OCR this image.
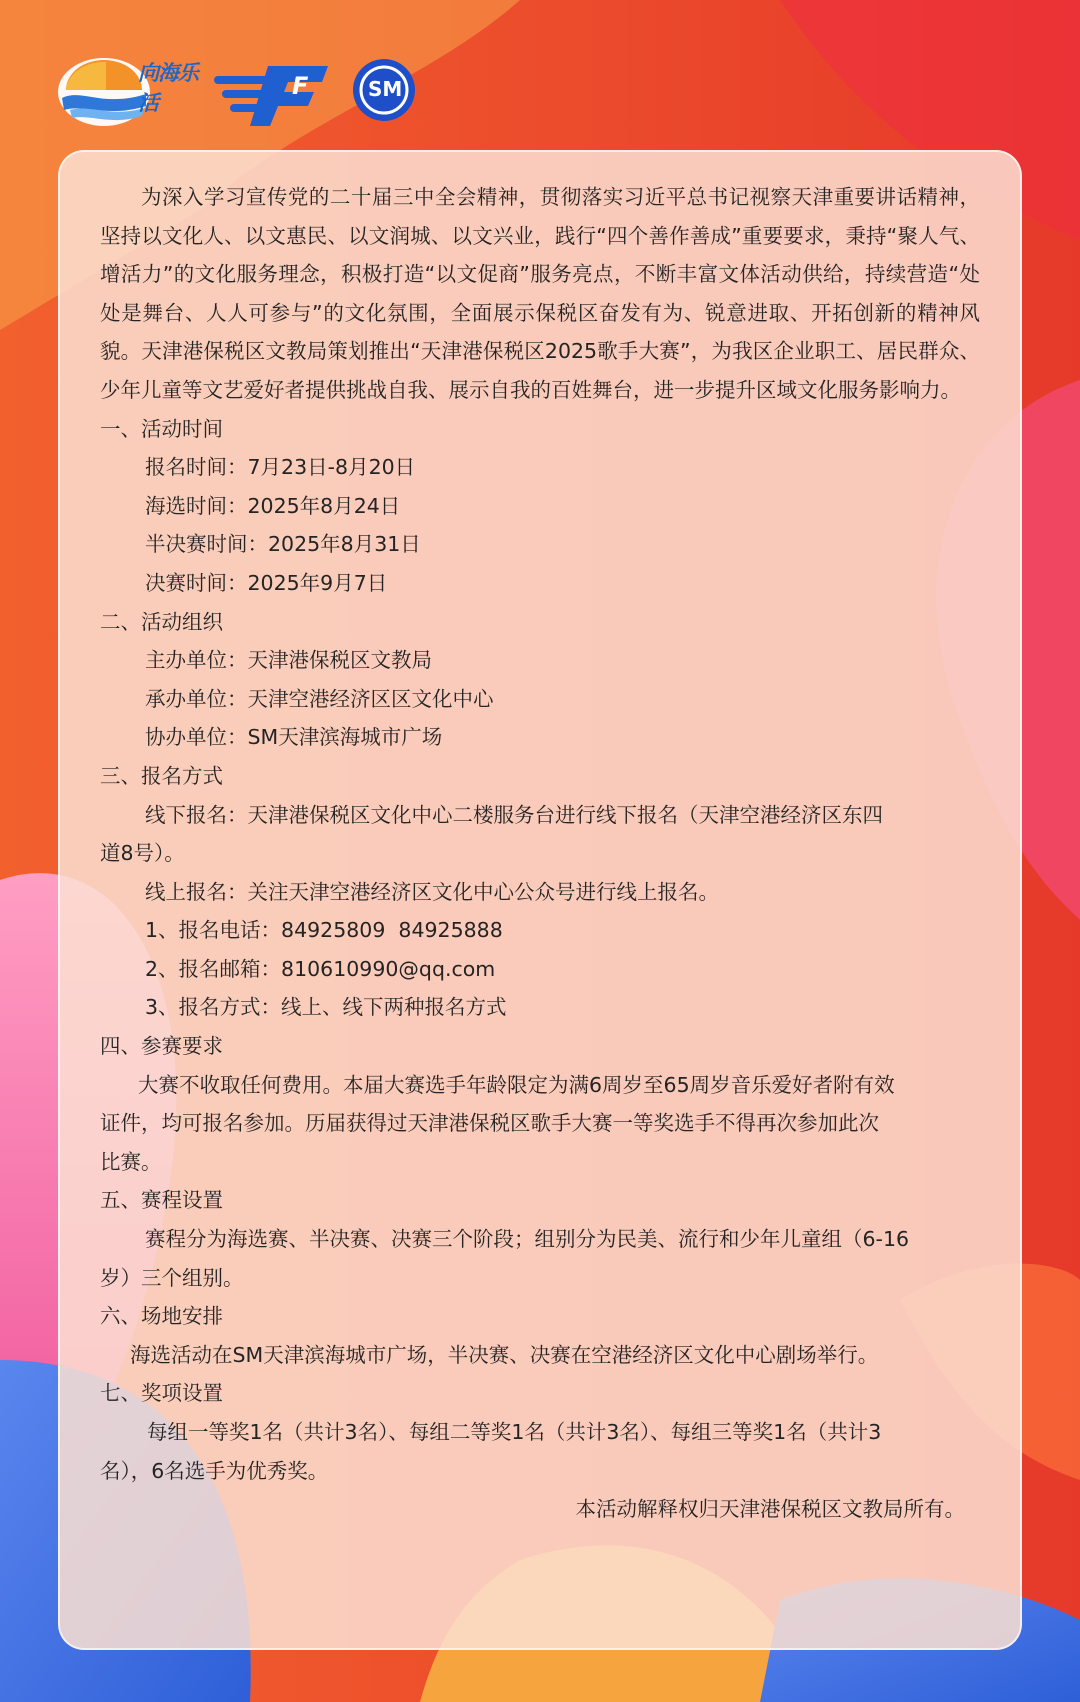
向海乐活
F	SM

为深入学习宣传党的二十届三中全会精神，贯彻落实习近平总书记视察天津重要讲话精神，坚持以文化人、以文惠民、以文润城、以文兴业，践行“四个善作善成”重要要求，秉持“聚人气、增活力”的文化服务理念，积极打造“以文促商”服务亮点，不断丰富文体活动供给，持续营造“处处是舞台、人人可参与”的文化氛围，全面展示保税区奋发有为、锐意进取、开拓创新的精神风貌。天津港保税区文教局策划推出“天津港保税区2025歌手大赛”，为我区企业职工、居民群众、少年儿童等文艺爱好者提供挑战自我、展示自我的百姓舞台，进一步提升区域文化服务影响力。

一、活动时间

报名时间：7月23日-8月20日

海选时间：2025年8月24日

半决赛时间：2025年8月31日

决赛时间：2025年9月7日

二、活动组织

主办单位：天津港保税区文教局

承办单位：天津空港经济区区文化中心

协办单位：SM天津滨海城市广场

三、报名方式

线下报名：天津港保税区文化中心二楼服务台进行线下报名（天津空港经济区东四

道8号）。

线上报名：关注天津空港经济区文化中心公众号进行线上报名。

1、报名电话：84925809  84925888

2、报名邮箱：810610990@qq.com

3、报名方式：线上、线下两种报名方式

四、参赛要求

大赛不收取任何费用。本届大赛选手年龄限定为满6周岁至65周岁音乐爱好者附有效

证件，均可报名参加。历届获得过天津港保税区歌手大赛一等奖选手不得再次参加此次

比赛。

五、赛程设置

赛程分为海选赛、半决赛、决赛三个阶段；组别分为民美、流行和少年儿童组（6-16

岁）三个组别。

六、场地安排

海选活动在SM天津滨海城市广场，半决赛、决赛在空港经济区文化中心剧场举行。

七、奖项设置

每组一等奖1名（共计3名）、每组二等奖1名（共计3名）、每组三等奖1名（共计3

名），6名选手为优秀奖。

本活动解释权归天津港保税区文教局所有。
